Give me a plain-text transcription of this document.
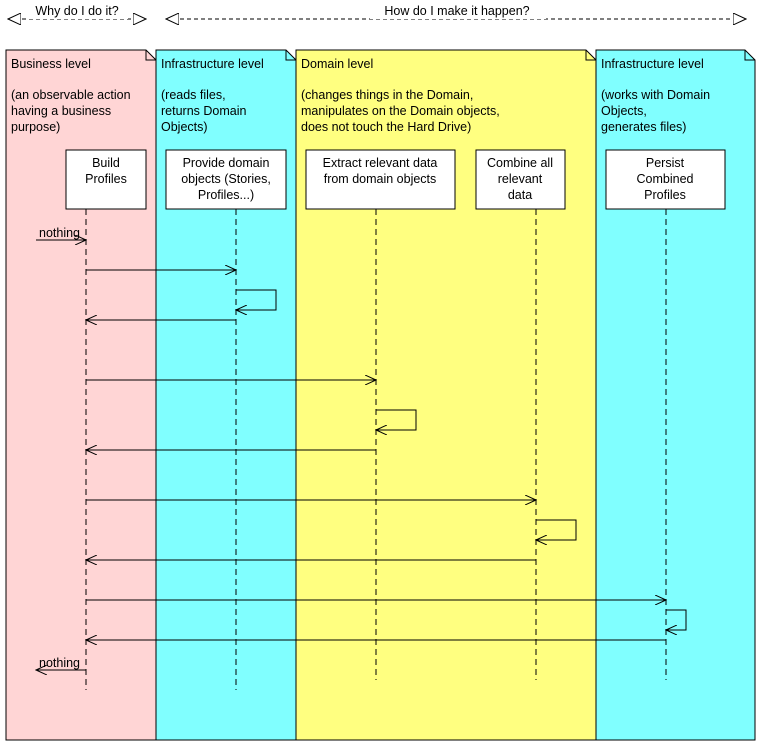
Why do I do it?	How do I make it happen?
Business level
(an observable action
having a business
purpose)
Infrastructure level
(reads files,
returns Domain
Objects)
Domain level
(changes things in the Domain,
manipulates on the Domain objects,
does not touch the Hard Drive)
Infrastructure level
(works with Domain
Objects,
generates files)
Build
Profiles
Provide domain
objects (Stories,
Profiles...)
Extract relevant data
from domain objects
Combine all
relevant
data
Persist
Combined
Profiles
nothing
nothing
